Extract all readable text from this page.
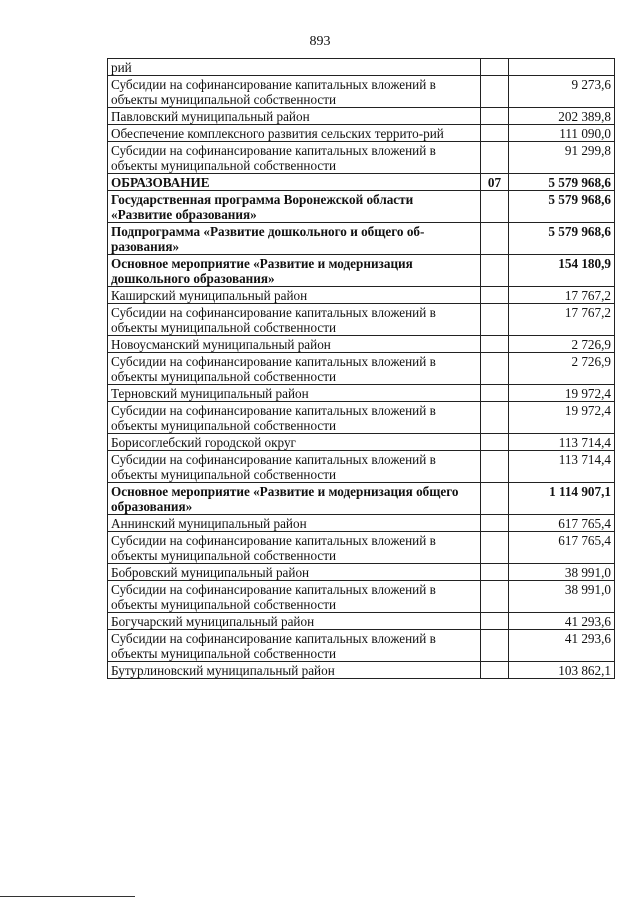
893
рий		
Субсидии на софинансирование капитальных вложений в объекты муниципальной собственности		9 273,6
Павловский муниципальный район		202 389,8
Обеспечение комплексного развития сельских террито-рий		111 090,0
Субсидии на софинансирование капитальных вложений в объекты муниципальной собственности		91 299,8
ОБРАЗОВАНИЕ	07	5 579 968,6
Государственная программа Воронежской области «Развитие образования»		5 579 968,6
Подпрограмма «Развитие дошкольного и общего об-разования»		5 579 968,6
Основное мероприятие «Развитие и модернизация дошкольного образования»		154 180,9
Каширский муниципальный район		17 767,2
Субсидии на софинансирование капитальных вложений в объекты муниципальной собственности		17 767,2
Новоусманский муниципальный район		2 726,9
Субсидии на софинансирование капитальных вложений в объекты муниципальной собственности		2 726,9
Терновский муниципальный район		19 972,4
Субсидии на софинансирование капитальных вложений в объекты муниципальной собственности		19 972,4
Борисоглебский городской округ		113 714,4
Субсидии на софинансирование капитальных вложений в объекты муниципальной собственности		113 714,4
Основное мероприятие «Развитие и модернизация общего образования»		1 114 907,1
Аннинский муниципальный район		617 765,4
Субсидии на софинансирование капитальных вложений в объекты муниципальной собственности		617 765,4
Бобровский муниципальный район		38 991,0
Субсидии на софинансирование капитальных вложений в объекты муниципальной собственности		38 991,0
Богучарский муниципальный район		41 293,6
Субсидии на софинансирование капитальных вложений в объекты муниципальной собственности		41 293,6
Бутурлиновский муниципальный район		103 862,1
